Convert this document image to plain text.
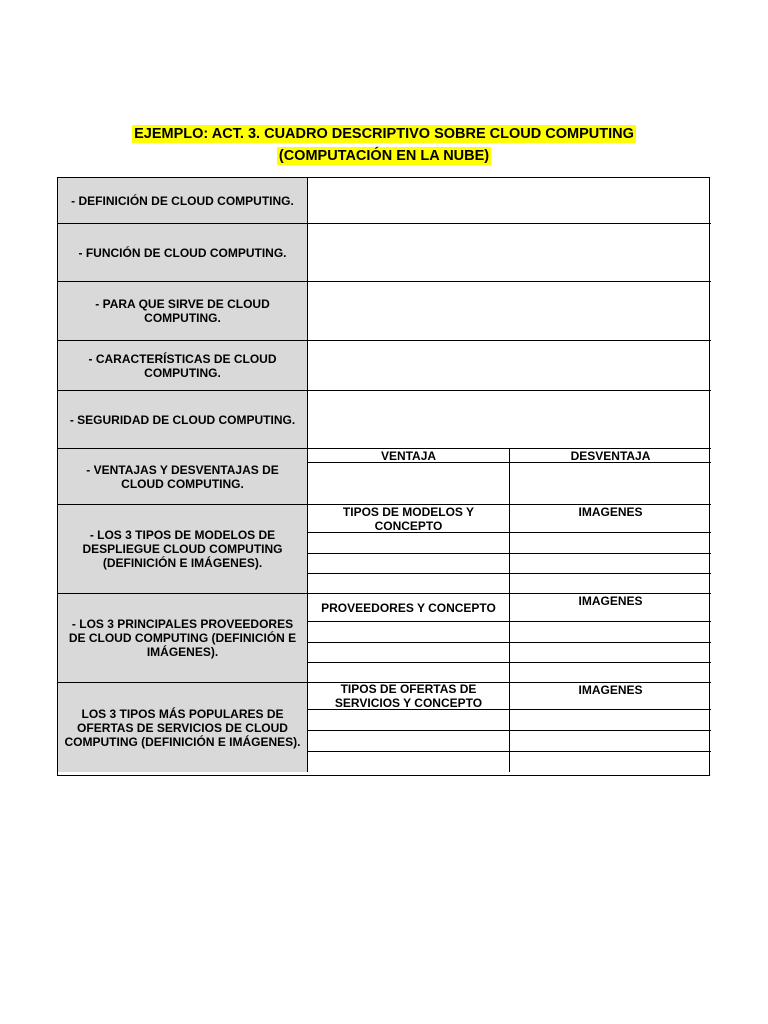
EJEMPLO: ACT. 3. CUADRO DESCRIPTIVO SOBRE CLOUD COMPUTING
(COMPUTACIÓN EN LA NUBE)
- DEFINICIÓN DE CLOUD COMPUTING.
- FUNCIÓN DE CLOUD COMPUTING.
- PARA QUE SIRVE DE CLOUD COMPUTING.
- CARACTERÍSTICAS DE CLOUD COMPUTING.
- SEGURIDAD DE CLOUD COMPUTING.
- VENTAJAS Y DESVENTAJAS DE CLOUD COMPUTING.
VENTAJA	DESVENTAJA
- LOS 3 TIPOS DE MODELOS DE DESPLIEGUE CLOUD COMPUTING (DEFINICIÓN E IMÁGENES).
TIPOS DE MODELOS Y CONCEPTO
IMAGENES
- LOS 3 PRINCIPALES PROVEEDORES DE CLOUD COMPUTING (DEFINICIÓN E IMÁGENES).
PROVEEDORES Y CONCEPTO	IMAGENES
LOS 3 TIPOS MÁS POPULARES DE OFERTAS DE SERVICIOS DE CLOUD COMPUTING (DEFINICIÓN E IMÁGENES).
TIPOS DE OFERTAS DE SERVICIOS Y CONCEPTO
IMAGENES
